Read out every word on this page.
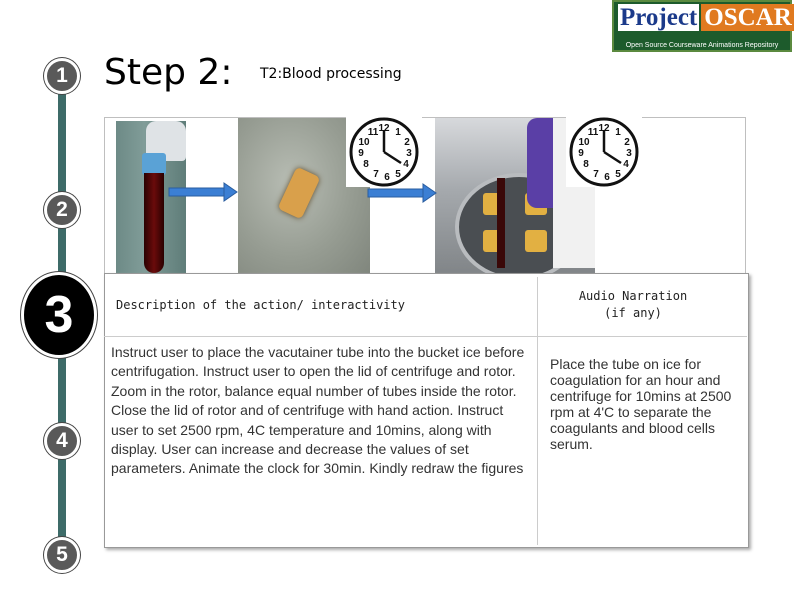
1
2
3
4
5
Step 2: T2:Blood processing
Project OSCAR
Open Source Courseware Animations Repository
12 1
2
3
4
5
6
7
8
9
10
11	12 1
2
3
4
5
6
7
8
9
10
11
Description of the action/ interactivity
Audio Narration
(if any)
Instruct user to place the vacutainer tube into the bucket ice before centrifugation. Instruct user to open the lid of centrifuge and rotor. Zoom in the rotor, balance equal number of tubes inside the rotor. Close the lid of rotor and of centrifuge with hand action. Instruct user to set 2500 rpm, 4C temperature and 10mins, along with display. User can increase and decrease the values of set parameters. Animate the clock for 30min. Kindly redraw the figures
Place the tube on ice for coagulation for an hour and centrifuge for 10mins at 2500 rpm at 4'C to separate the coagulants and blood cells serum.
